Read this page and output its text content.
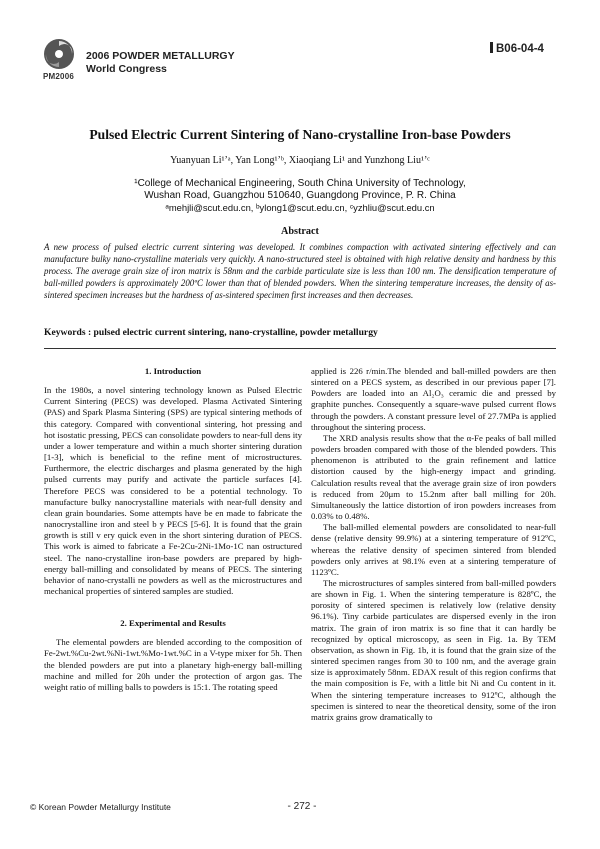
PM2006
2006 POWDER METALLURGY
World Congress
B06-04-4
Pulsed Electric Current Sintering of Nano-crystalline Iron-base Powders
Yuanyuan Li¹ʼᵃ, Yan Long¹ʼᵇ, Xiaoqiang Li¹ and Yunzhong Liu¹ʼᶜ
¹College of Mechanical Engineering, South China University of Technology,
Wushan Road, Guangzhou 510640, Guangdong Province, P. R. China
ᵃmehjli@scut.edu.cn, ᵇylong1@scut.edu.cn, ᶜyzhliu@scut.edu.cn
Abstract
A new process of pulsed electric current sintering was developed. It combines compaction with activated sintering effectively and can manufacture bulky nano-crystalline materials very quickly. A nano-structured steel is obtained with high relative density and hardness by this process. The average grain size of iron matrix is 58nm and the carbide particulate size is less than 100 nm. The densification temperature of ball-milled powders is approximately 200ºC lower than that of blended powders. When the sintering temperature increases, the density of as-sintered specimen increases but the hardness of as-sintered specimen first increases and then decreases.
Keywords : pulsed electric current sintering, nano-crystalline, powder metallurgy

1. Introduction

In the 1980s, a novel sintering technology known as Pulsed Electric Current Sintering (PECS) was developed. Plasma Activated Sintering (PAS) and Spark Plasma Sintering (SPS) are typical sintering methods of this category. Compared with conventional sintering, hot pressing and hot isostatic pressing, PECS can consolidate powders to near-full dens ity under a lower temperature and within a much shorter sintering duration [1-3], which is beneficial to the refine ment of microstructures. Furthermore, the electric discharges and plasma generated by the high pulsed currents may purify and activate the particle surfaces [4]. Therefore PECS was considered to be a potential technology. To manufacture bulky nanocrystalline materials with near-full density and clean grain boundaries. Some attempts have be en made to fabricate the nanocrystalline iron and steel b y PECS [5-6]. It is found that the grain growth is still v ery quick even in the short sintering duration of PECS. This work is aimed to fabricate a Fe-2Cu-2Ni-1Mo-1C nan ostructured steel. The nano-crystalline iron-base powders are prepared by high-energy ball-milling and consolidated by means of PECS. The sintering behavior of nano-crystalli ne powders as well as the microstructures and mechanical properties of sintered samples are studied.

2. Experimental and Results

The elemental powders are blended according to the composition of Fe-2wt.%Cu-2wt.%Ni-1wt.%Mo-1wt.%C in a V-type mixer for 5h. Then the blended powders are put into a planetary high-energy ball-milling machine and milled for 20h under the protection of argon gas. The weight ratio of milling balls to powders is 15:1. The rotating speed

applied is 226 r/min.The blended and ball-milled powders are then sintered on a PECS system, as described in our previous paper [7]. Powders are loaded into an Al₂O₃ ceramic die and pressed by graphite punches. Consequently a square-wave pulsed current flows through the powders. A constant pressure level of 27.7MPa is applied throughout the sintering process.

The XRD analysis results show that the α-Fe peaks of ball milled powders broaden compared with those of the blended powders. This phenomenon is attributed to the grain refinement and lattice distortion caused by the high-energy impact and grinding. Calculation results reveal that the average grain size of iron powders is reduced from 20μm to 15.2nm after ball milling for 20h. Simultaneously the lattice distortion of iron powders increases from 0.03% to 0.48%.

The ball-milled elemental powders are consolidated to near-full dense (relative density 99.9%) at a sintering temperature of 912ºC, whereas the relative density of specimen sintered from blended powders only arrives at 98.1% even at a sintering temperature of 1123ºC.

The microstructures of samples sintered from ball-milled powders are shown in Fig. 1. When the sintering temperature is 828ºC, the porosity of sintered specimen is relatively low (relative density 96.1%). Tiny carbide particulates are dispersed evenly in the iron matrix. The grain of iron matrix is so fine that it can hardly be recognized by optical microscopy, as seen in Fig. 1a. By TEM observation, as shown in Fig. 1b, it is found that the grain size of the sintered specimen ranges from 30 to 100 nm, and the average grain size is approximately 58nm. EDAX result of this region confirms that the main composition is Fe, with a little bit Ni and Cu content in it. When the sintering temperature increases to 912ºC, although the specimen is sintered to near the theoretical density, some of the iron matrix grains grow dramatically to

© Korean Powder Metallurgy Institute	- 272 -
